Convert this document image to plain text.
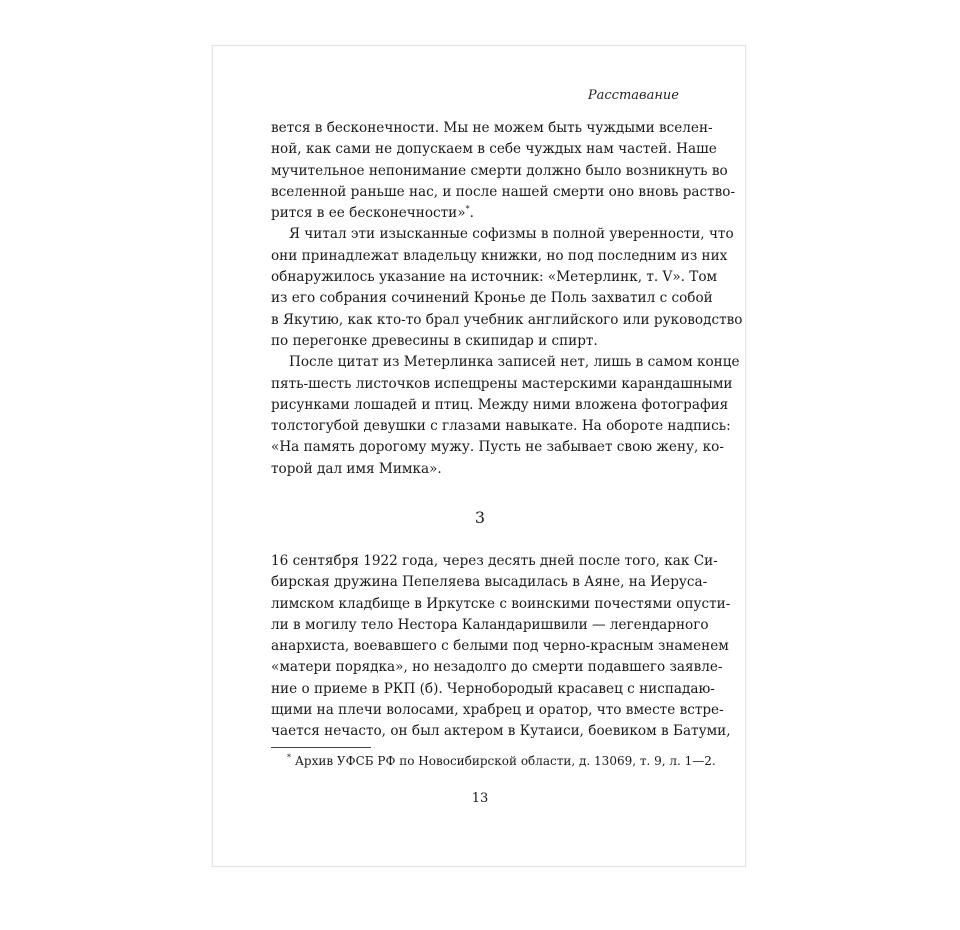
Расставание

вется в бесконечности. Мы не можем быть чуждыми вселен-
ной, как сами не допускаем в себе чуждых нам частей. Наше
мучительное непонимание смерти должно было возникнуть во
вселенной раньше нас, и после нашей смерти оно вновь раство-
рится в ее бесконечности»*.

Я читал эти изысканные софизмы в полной уверенности, что
они принадлежат владельцу книжки, но под последним из них
обнаружилось указание на источник: «Метерлинк, т. V». Том
из его собрания сочинений Кронье де Поль захватил с собой
в Якутию, как кто-то брал учебник английского или руководство
по перегонке древесины в скипидар и спирт.

После цитат из Метерлинка записей нет, лишь в самом конце
пять-шесть листочков испещрены мастерскими карандашными
рисунками лошадей и птиц. Между ними вложена фотография
толстогубой девушки с глазами навыкате. На обороте надпись:
«На память дорогому мужу. Пусть не забывает свою жену, ко-
торой дал имя Мимка».

3

16 сентября 1922 года, через десять дней после того, как Си-
бирская дружина Пепеляева высадилась в Аяне, на Иеруса-
лимском кладбище в Иркутске с воинскими почестями опусти-
ли в могилу тело Нестора Каландаришвили — легендарного
анархиста, воевавшего с белыми под черно-красным знаменем
«матери порядка», но незадолго до смерти подавшего заявле-
ние о приеме в РКП (б). Чернобородый красавец с ниспадаю-
щими на плечи волосами, храбрец и оратор, что вместе встре-
чается нечасто, он был актером в Кутаиси, боевиком в Батуми,

* Архив УФСБ РФ по Новосибирской области, д. 13069, т. 9, л. 1—2.
13
